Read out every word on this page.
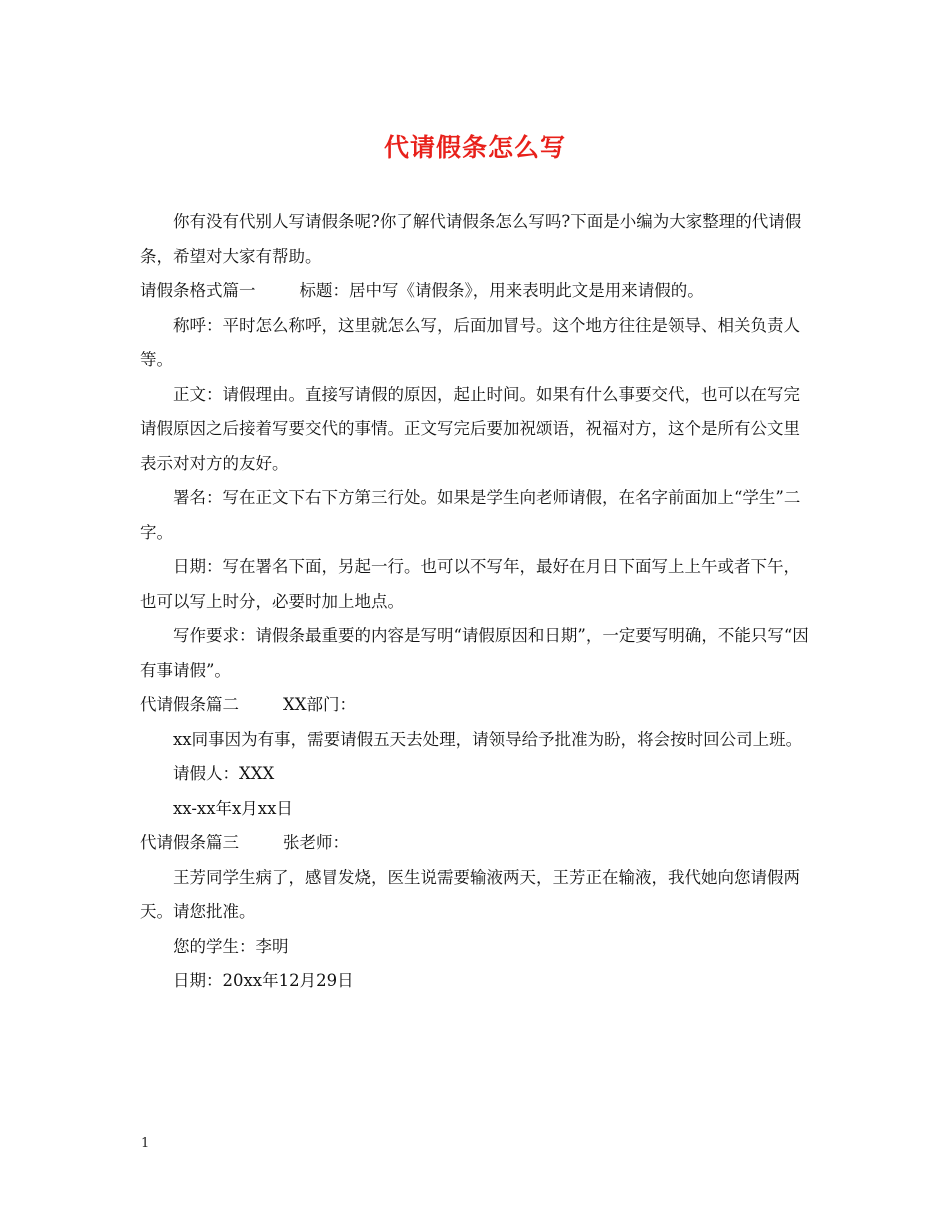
代请假条怎么写

你有没有代别人写请假条呢?你了解代请假条怎么写吗?下面是小编为大家整理的代请假条，希望对大家有帮助。

请假条格式篇一	标题：居中写《请假条》，用来表明此文是用来请假的。

称呼：平时怎么称呼，这里就怎么写，后面加冒号。这个地方往往是领导、相关负责人等。

正文：请假理由。直接写请假的原因，起止时间。如果有什么事要交代，也可以在写完请假原因之后接着写要交代的事情。正文写完后要加祝颂语，祝福对方，这个是所有公文里表示对对方的友好。

署名：写在正文下右下方第三行处。如果是学生向老师请假，在名字前面加上“学生”二字。

日期：写在署名下面，另起一行。也可以不写年，最好在月日下面写上上午或者下午，也可以写上时分，必要时加上地点。

写作要求：请假条最重要的内容是写明“请假原因和日期”，一定要写明确，不能只写“因有事请假”。

代请假条篇二	XX部门：

xx同事因为有事，需要请假五天去处理，请领导给予批准为盼，将会按时回公司上班。

请假人：XXX

xx-xx年x月xx日

代请假条篇三	张老师：

王芳同学生病了，感冒发烧，医生说需要输液两天，王芳正在输液，我代她向您请假两天。请您批准。

您的学生：李明

日期：20xx年12月29日

1
